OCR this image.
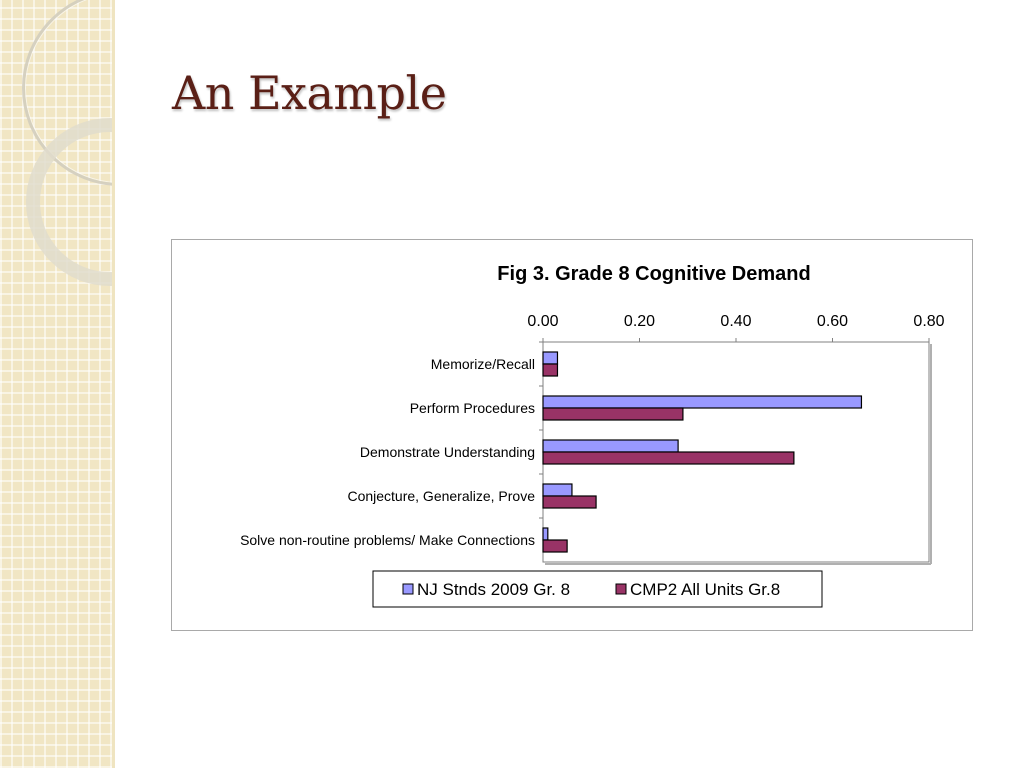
An Example
Fig 3. Grade 8 Cognitive Demand
0.00	0.20	0.40	0.60	0.80
Memorize/Recall
Perform Procedures
Demonstrate Understanding
Conjecture, Generalize, Prove
Solve non-routine problems/ Make Connections
NJ Stnds 2009 Gr. 8	CMP2 All Units Gr.8
